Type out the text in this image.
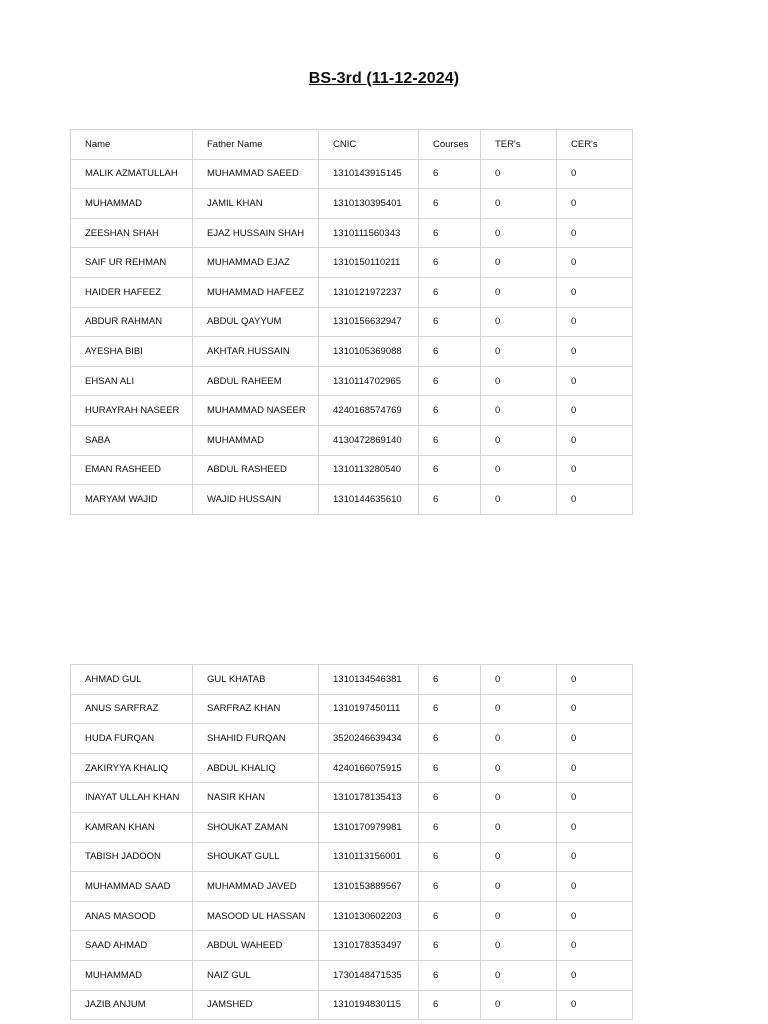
BS-3rd (11-12-2024)
Name	Father Name	CNIC	Courses	TER's	CER's
MALIK AZMATULLAH	MUHAMMAD SAEED	1310143915145	6	0	0
MUHAMMAD	JAMIL KHAN	1310130395401	6	0	0
ZEESHAN SHAH	EJAZ HUSSAIN SHAH	1310111560343	6	0	0
SAIF UR REHMAN	MUHAMMAD EJAZ	1310150110211	6	0	0
HAIDER HAFEEZ	MUHAMMAD HAFEEZ	1310121972237	6	0	0
ABDUR RAHMAN	ABDUL QAYYUM	1310156632947	6	0	0
AYESHA BIBI	AKHTAR HUSSAIN	1310105369088	6	0	0
EHSAN ALI	ABDUL RAHEEM	1310114702965	6	0	0
HURAYRAH NASEER	MUHAMMAD NASEER	4240168574769	6	0	0
SABA	MUHAMMAD	4130472869140	6	0	0
EMAN RASHEED	ABDUL RASHEED	1310113280540	6	0	0
MARYAM WAJID	WAJID HUSSAIN	1310144635610	6	0	0
AHMAD GUL	GUL KHATAB	1310134546381	6	0	0
ANUS SARFRAZ	SARFRAZ KHAN	1310197450111	6	0	0
HUDA FURQAN	SHAHID FURQAN	3520246639434	6	0	0
ZAKIRYYA KHALIQ	ABDUL KHALIQ	4240166075915	6	0	0
INAYAT ULLAH KHAN	NASIR KHAN	1310178135413	6	0	0
KAMRAN KHAN	SHOUKAT ZAMAN	1310170979981	6	0	0
TABISH JADOON	SHOUKAT GULL	1310113156001	6	0	0
MUHAMMAD SAAD	MUHAMMAD JAVED	1310153889567	6	0	0
ANAS MASOOD	MASOOD UL HASSAN	1310130602203	6	0	0
SAAD AHMAD	ABDUL WAHEED	1310178353497	6	0	0
MUHAMMAD	NAIZ GUL	1730148471535	6	0	0
JAZIB ANJUM	JAMSHED	1310194830115	6	0	0
